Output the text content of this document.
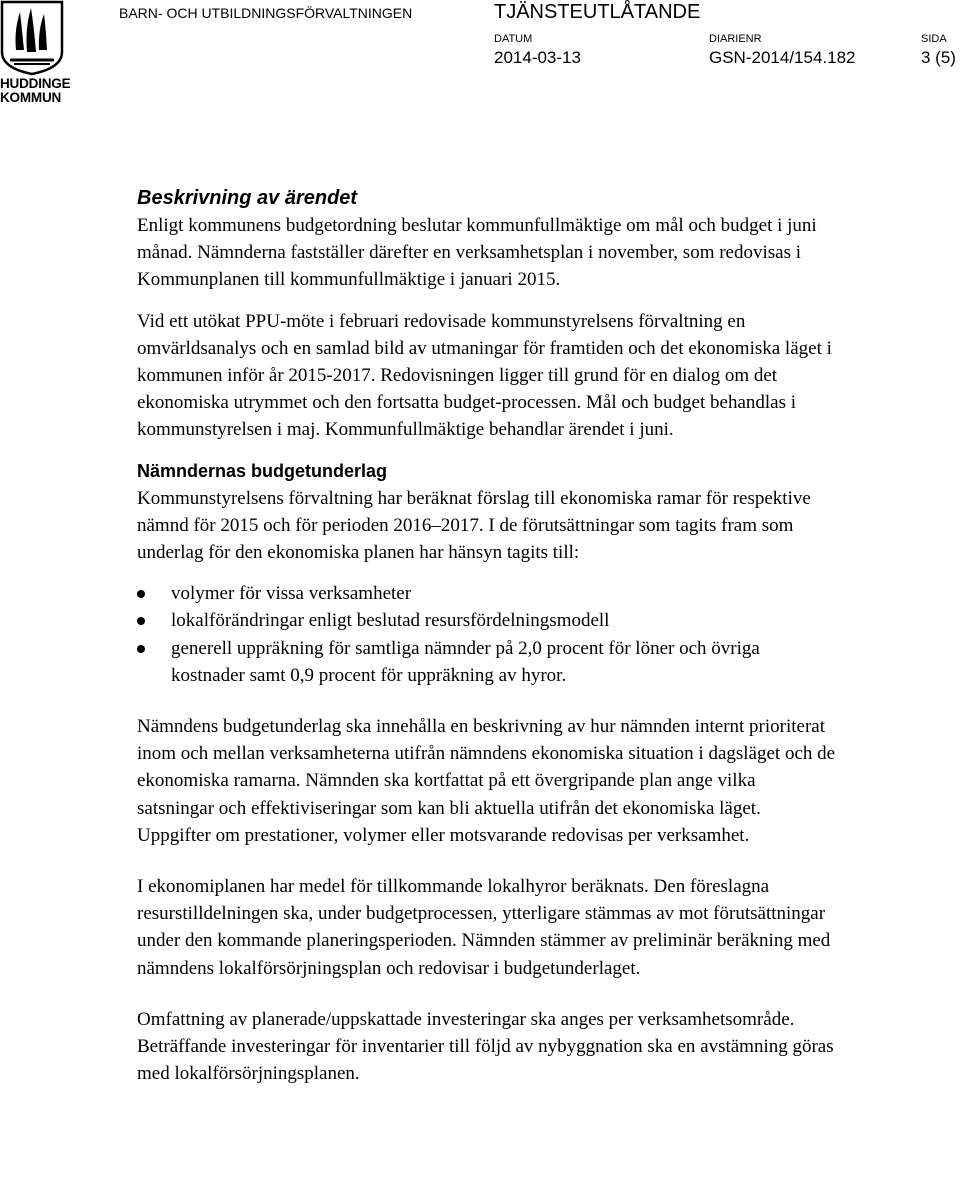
HUDDINGE
KOMMUN
BARN- OCH UTBILDNINGSFÖRVALTNINGEN	TJÄNSTEUTLÅTANDE
DATUM
2014-03-13
DIARIENR
GSN-2014/154.182
SIDA
3 (5)
Beskrivning av ärendet

Enligt kommunens budgetordning beslutar kommunfullmäktige om mål och budget i juni månad. Nämnderna fastställer därefter en verksamhetsplan i november, som redovisas i Kommunplanen till kommunfullmäktige i januari 2015.

Vid ett utökat PPU-möte i februari redovisade kommunstyrelsens förvaltning en omvärldsanalys och en samlad bild av utmaningar för framtiden och det ekonomiska läget i kommunen inför år 2015-2017. Redovisningen ligger till grund för en dialog om det ekonomiska utrymmet och den fortsatta budget-processen. Mål och budget behandlas i kommunstyrelsen i maj. Kommunfullmäktige behandlar ärendet i juni.

Nämndernas budgetunderlag

Kommunstyrelsens förvaltning har beräknat förslag till ekonomiska ramar för respektive nämnd för 2015 och för perioden 2016‒2017. I de förutsättningar som tagits fram som underlag för den ekonomiska planen har hänsyn tagits till:

volymer för vissa verksamheter
lokalförändringar enligt beslutad resursfördelningsmodell
generell uppräkning för samtliga nämnder på 2,0 procent för löner och övriga kostnader samt 0,9 procent för uppräkning av hyror.

Nämndens budgetunderlag ska innehålla en beskrivning av hur nämnden internt prioriterat inom och mellan verksamheterna utifrån nämndens ekonomiska situation i dagsläget och de ekonomiska ramarna. Nämnden ska kortfattat på ett övergripande plan ange vilka satsningar och effektiviseringar som kan bli aktuella utifrån det ekonomiska läget. Uppgifter om prestationer, volymer eller motsvarande redovisas per verksamhet.

I ekonomiplanen har medel för tillkommande lokalhyror beräknats. Den föreslagna resurstilldelningen ska, under budgetprocessen, ytterligare stämmas av mot förutsättningar under den kommande planeringsperioden. Nämnden stämmer av preliminär beräkning med nämndens lokalförsörjningsplan och redovisar i budgetunderlaget.

Omfattning av planerade/uppskattade investeringar ska anges per verksamhetsområde. Beträffande investeringar för inventarier till följd av nybyggnation ska en avstämning göras med lokalförsörjningsplanen.
